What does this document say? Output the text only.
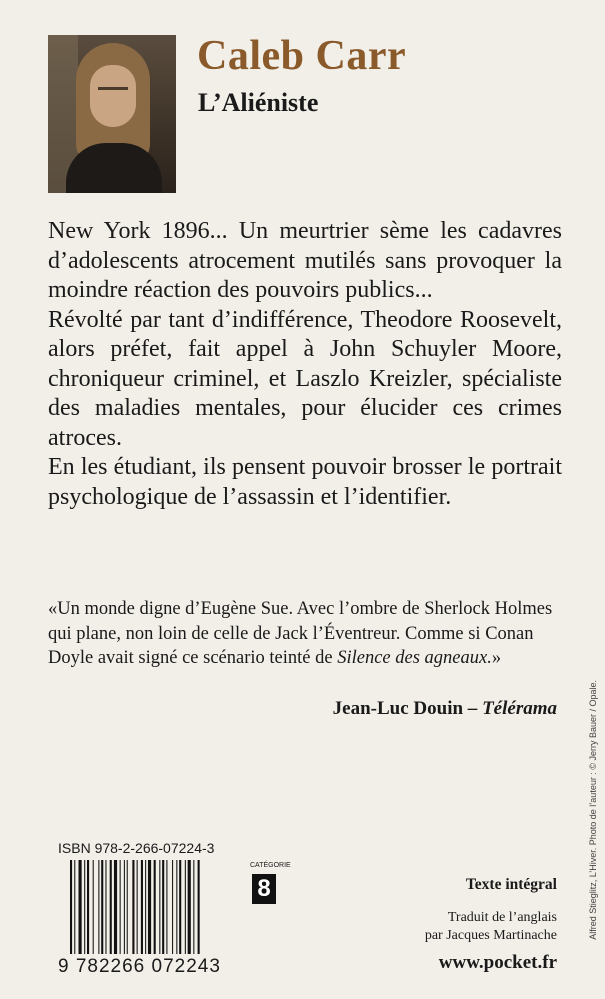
Caleb Carr
L’Aliéniste

New York 1896... Un meurtrier sème les cadavres d’adolescents atrocement mutilés sans provoquer la moindre réaction des pouvoirs publics...

Révolté par tant d’indifférence, Theodore Roosevelt, alors préfet, fait appel à John Schuyler Moore, chroniqueur criminel, et Laszlo Kreizler, spécialiste des maladies mentales, pour élucider ces crimes atroces.

En les étudiant, ils pensent pouvoir brosser le portrait psychologique de l’assassin et l’identifier.

«Un monde digne d’Eugène Sue. Avec l’ombre de Sherlock Holmes qui plane, non loin de celle de Jack l’Éventreur. Comme si Conan Doyle avait signé ce scénario teinté de Silence des agneaux.»

Jean-Luc Douin – Télérama
ISBN 978-2-266-07224-3
9 782266 072243
CATÉGORIE
8	Texte intégral
Traduit de l’anglais
par Jacques Martinache
www.pocket.fr
Alfred Stieglitz, L’Hiver. Photo de l’auteur : © Jerry Bauer / Opale.
